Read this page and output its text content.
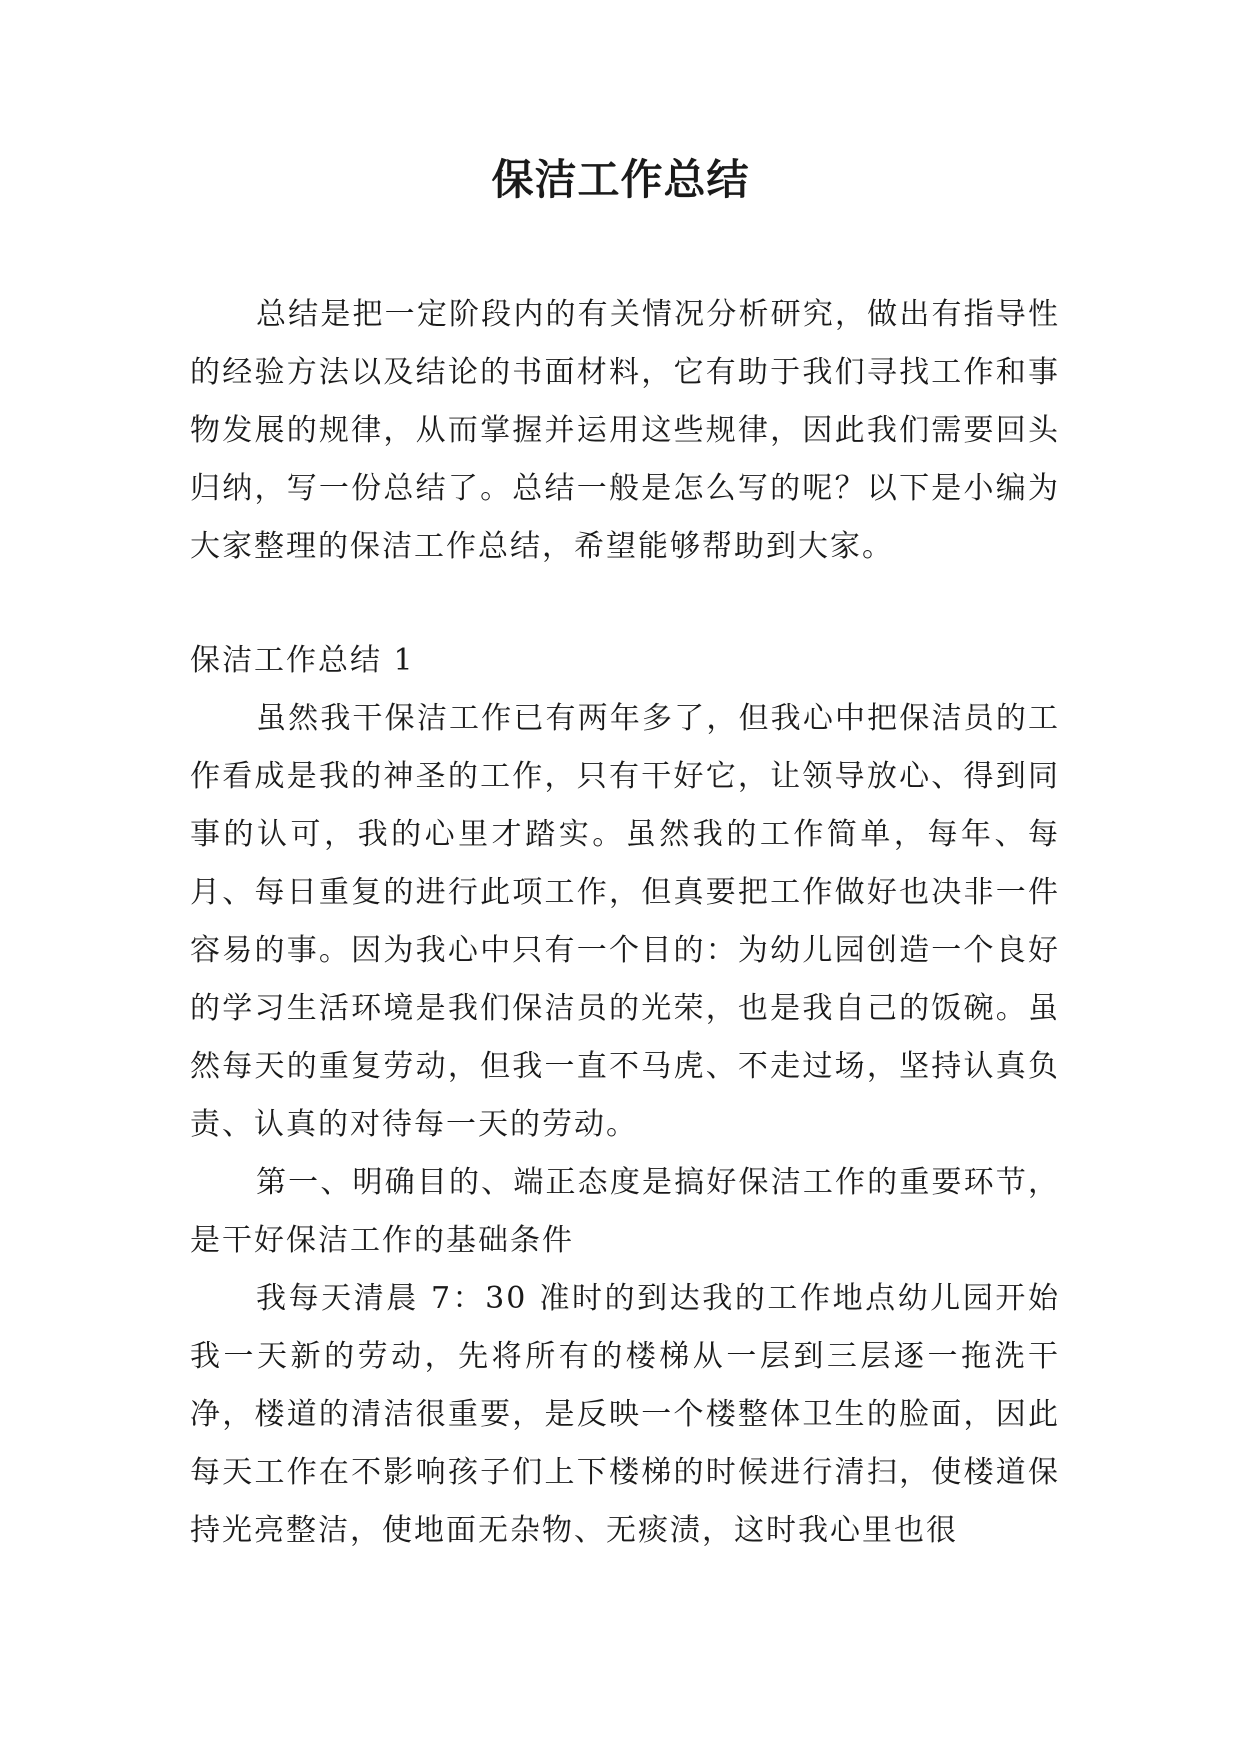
保洁工作总结

总结是把一定阶段内的有关情况分析研究，做出有指导性的经验方法以及结论的书面材料，它有助于我们寻找工作和事物发展的规律，从而掌握并运用这些规律，因此我们需要回头归纳，写一份总结了。总结一般是怎么写的呢？以下是小编为大家整理的保洁工作总结，希望能够帮助到大家。

保洁工作总结 1

虽然我干保洁工作已有两年多了，但我心中把保洁员的工作看成是我的神圣的工作，只有干好它，让领导放心、得到同事的认可，我的心里才踏实。虽然我的工作简单，每年、每月、每日重复的进行此项工作，但真要把工作做好也决非一件容易的事。因为我心中只有一个目的：为幼儿园创造一个良好的学习生活环境是我们保洁员的光荣，也是我自己的饭碗。虽然每天的重复劳动，但我一直不马虎、不走过场，坚持认真负责、认真的对待每一天的劳动。

第一、明确目的、端正态度是搞好保洁工作的重要环节，是干好保洁工作的基础条件

我每天清晨 7：30 准时的到达我的工作地点幼儿园开始我一天新的劳动，先将所有的楼梯从一层到三层逐一拖洗干净，楼道的清洁很重要，是反映一个楼整体卫生的脸面，因此每天工作在不影响孩子们上下楼梯的时候进行清扫，使楼道保持光亮整洁，使地面无杂物、无痰渍，这时我心里也很
